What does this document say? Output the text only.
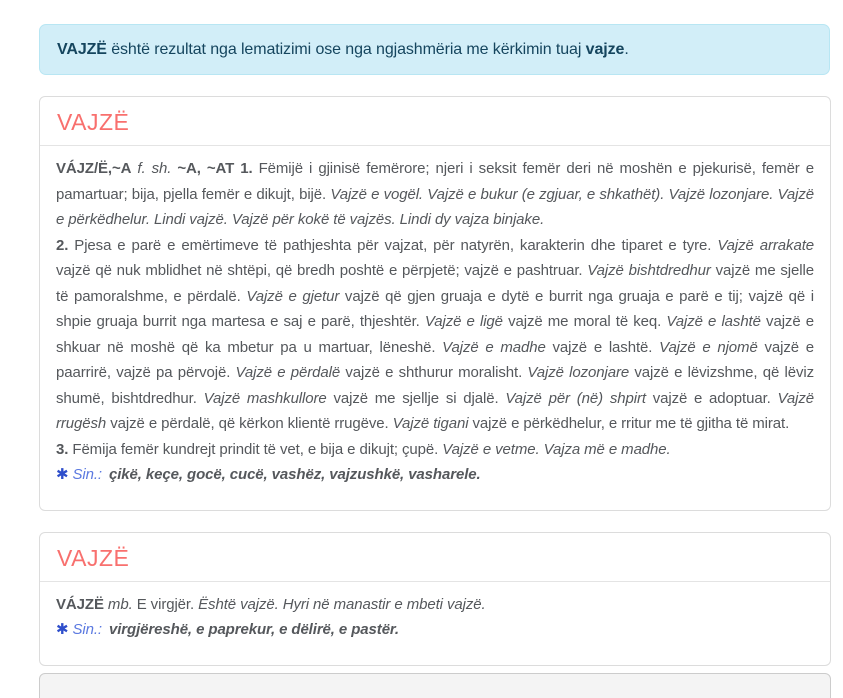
VAJZË është rezultat nga lematizimi ose nga ngjashmëria me kërkimin tuaj vajze.
VAJZË

VÁJZ/Ë,~A f. sh. ~A, ~AT 1. Fëmijë i gjinisë femërore; njeri i seksit femër deri në moshën e pjekurisë, femër e pamartuar; bija, pjella femër e dikujt, bijë. Vajzë e vogël. Vajzë e bukur (e zgjuar, e shkathët). Vajzë lozonjare. Vajzë e përkëdhelur. Lindi vajzë. Vajzë për kokë të vajzës. Lindi dy vajza binjake.

2. Pjesa e parë e emërtimeve të pathjeshta për vajzat, për natyrën, karakterin dhe tiparet e tyre. Vajzë arrakate vajzë që nuk mblidhet në shtëpi, që bredh poshtë e përpjetë; vajzë e pashtruar. Vajzë bishtdredhur vajzë me sjelle të pamoralshme, e përdalë. Vajzë e gjetur vajzë që gjen gruaja e dytë e burrit nga gruaja e parë e tij; vajzë që i shpie gruaja burrit nga martesa e saj e parë, thjeshtër. Vajzë e ligë vajzë me moral të keq. Vajzë e lashtë vajzë e shkuar në moshë që ka mbetur pa u martuar, lëneshë. Vajzë e madhe vajzë e lashtë. Vajzë e njomë vajzë e paarrirë, vajzë pa përvojë. Vajzë e përdalë vajzë e shthurur moralisht. Vajzë lozonjare vajzë e lëvizshme, që lëviz shumë, bishtdredhur. Vajzë mashkullore vajzë me sjellje si djalë. Vajzë për (në) shpirt vajzë e adoptuar. Vajzë rrugësh vajzë e përdalë, që kërkon klientë rrugëve. Vajzë tigani vajzë e përkëdhelur, e rritur me të gjitha të mirat.

3. Fëmija femër kundrejt prindit të vet, e bija e dikujt; çupë. Vajzë e vetme. Vajza më e madhe.

✱ Sin.: çikë, keçe, gocë, cucë, vashëz, vajzushkë, vasharele.

VAJZË

VÁJZË mb. E virgjër. Është vajzë. Hyri në manastir e mbeti vajzë.

✱ Sin.: virgjëreshë, e paprekur, e dëlirë, e pastër.
